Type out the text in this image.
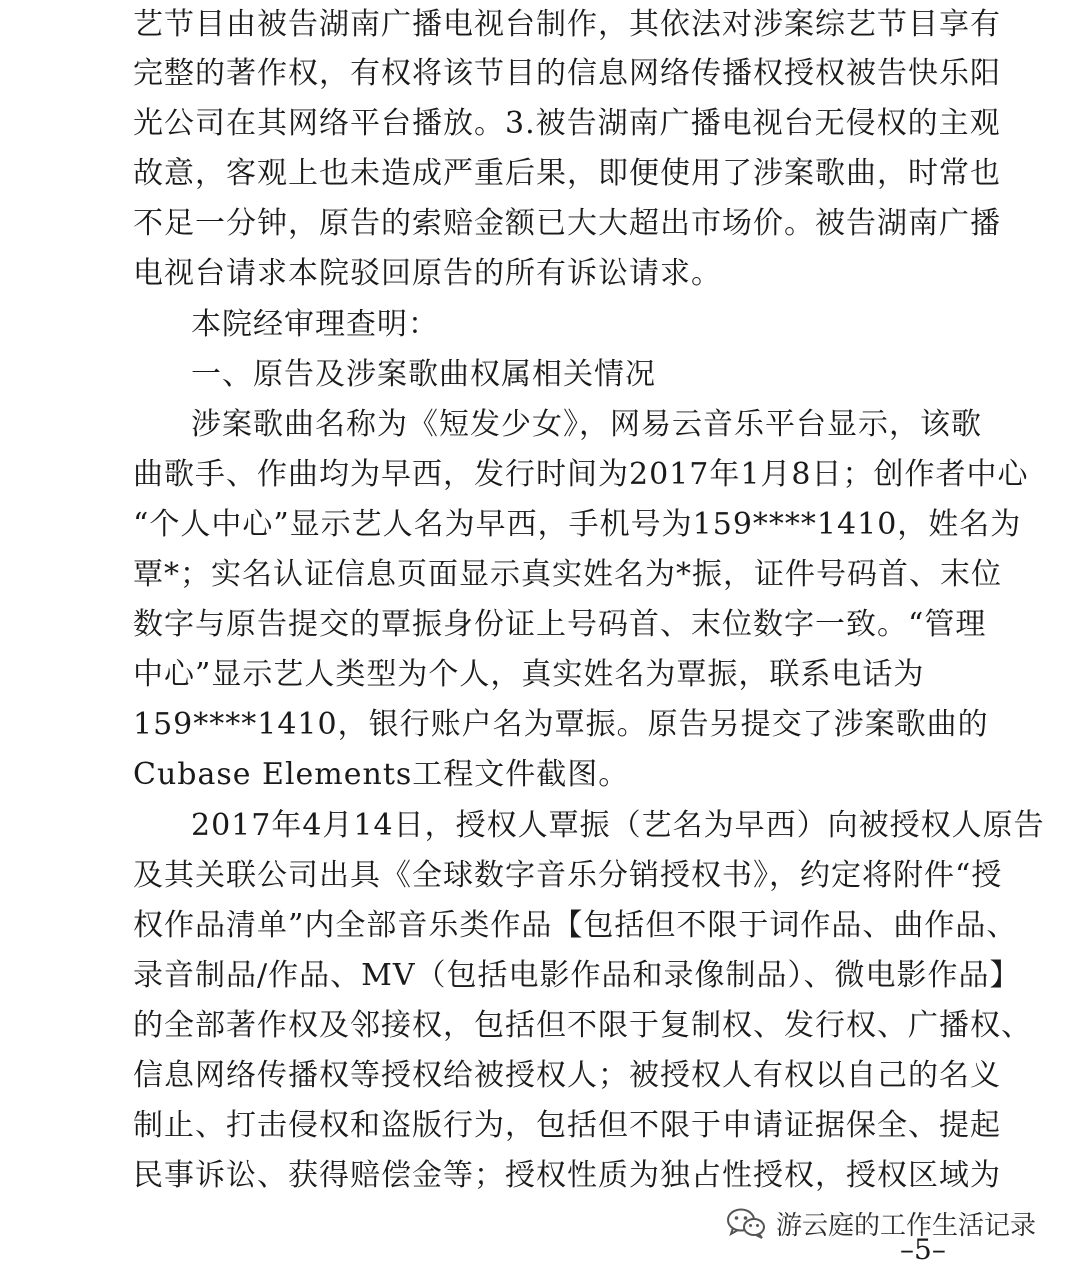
艺节目由被告湖南广播电视台制作，其依法对涉案综艺节目享有
完整的著作权，有权将该节目的信息网络传播权授权被告快乐阳
光公司在其网络平台播放。3.被告湖南广播电视台无侵权的主观
故意，客观上也未造成严重后果，即便使用了涉案歌曲，时常也
不足一分钟，原告的索赔金额已大大超出市场价。被告湖南广播
电视台请求本院驳回原告的所有诉讼请求。
本院经审理查明：
一、原告及涉案歌曲权属相关情况
涉案歌曲名称为《短发少女》，网易云音乐平台显示，该歌
曲歌手、作曲均为早西，发行时间为2017年1月8日；创作者中心
“个人中心”显示艺人名为早西，手机号为159****1410，姓名为
覃*；实名认证信息页面显示真实姓名为*振，证件号码首、末位
数字与原告提交的覃振身份证上号码首、末位数字一致。“管理
中心”显示艺人类型为个人，真实姓名为覃振，联系电话为
159****1410，银行账户名为覃振。原告另提交了涉案歌曲的
Cubase Elements工程文件截图。
2017年4月14日，授权人覃振（艺名为早西）向被授权人原告
及其关联公司出具《全球数字音乐分销授权书》，约定将附件“授
权作品清单”内全部音乐类作品【包括但不限于词作品、曲作品、
录音制品/作品、MV（包括电影作品和录像制品）、微电影作品】
的全部著作权及邻接权，包括但不限于复制权、发行权、广播权、
信息网络传播权等授权给被授权人；被授权人有权以自己的名义
制止、打击侵权和盗版行为，包括但不限于申请证据保全、提起
民事诉讼、获得赔偿金等；授权性质为独占性授权，授权区域为
游云庭的工作生活记录
–5–
